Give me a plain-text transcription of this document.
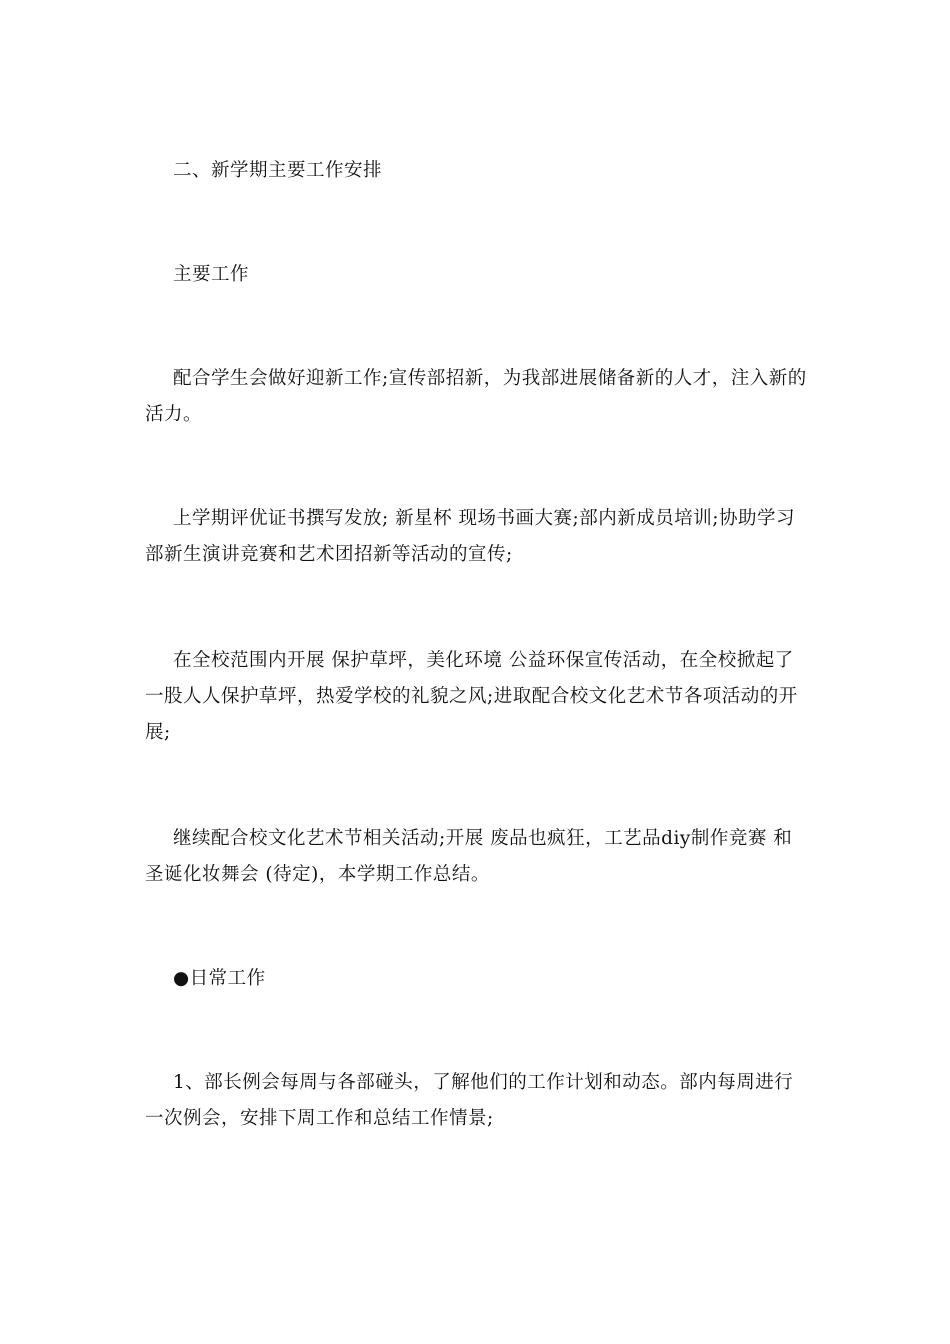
二、新学期主要工作安排

主要工作

配合学生会做好迎新工作;宣传部招新，为我部进展储备新的人才，注入新的活力。

上学期评优证书撰写发放; 新星杯 现场书画大赛;部内新成员培训;协助学习部新生演讲竞赛和艺术团招新等活动的宣传;

在全校范围内开展 保护草坪，美化环境 公益环保宣传活动，在全校掀起了一股人人保护草坪，热爱学校的礼貌之风;进取配合校文化艺术节各项活动的开展;

继续配合校文化艺术节相关活动;开展 废品也疯狂，工艺品diy制作竞赛 和 圣诞化妆舞会 (待定)，本学期工作总结。

●日常工作

1、部长例会每周与各部碰头，了解他们的工作计划和动态。部内每周进行一次例会，安排下周工作和总结工作情景;
